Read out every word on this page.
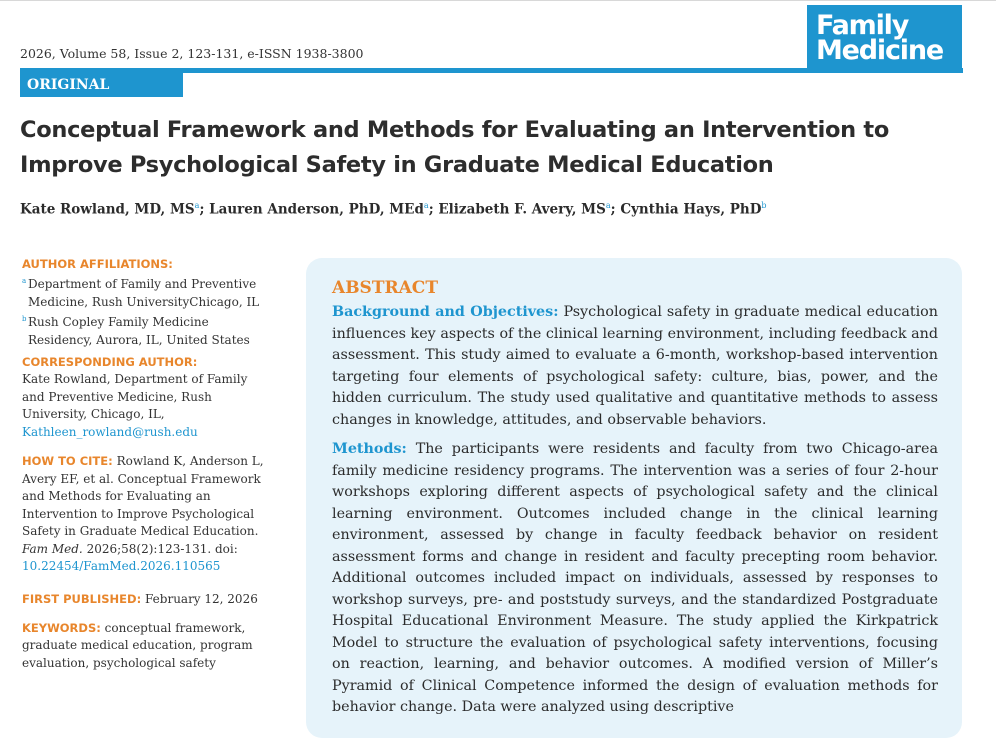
2026, Volume 58, Issue 2, 123-131, e-ISSN 1938-3800
Family
Medicine
ORIGINAL ARTICLE
Conceptual Framework and Methods for Evaluating an Intervention to Improve Psychological Safety in Graduate Medical Education
Kate Rowland, MD, $MS^a$; Lauren Anderson, PhD, MEd$^a$; Elizabeth F. Avery, $MS^a$; Cynthia Hays, PhD$^b$
AUTHOR AFFILIATIONS:
a Department of Family and Preventive Medicine, Rush UniversityChicago, IL
b Rush Copley Family Medicine Residency, Aurora, IL, United States
CORRESPONDING AUTHOR:
Kate Rowland, Department of Family and Preventive Medicine, Rush University, Chicago, IL, Kathleen_rowland@rush.edu
HOW TO CITE: Rowland K, Anderson L, Avery EF, et al. Conceptual Framework and Methods for Evaluating an Intervention to Improve Psychological Safety in Graduate Medical Education. Fam Med. 2026;58(2):123-131. doi: 10.22454/FamMed.2026.110565
FIRST PUBLISHED: February 12, 2026
KEYWORDS: conceptual framework, graduate medical education, program evaluation, psychological safety
ABSTRACT

Background and Objectives: Psychological safety in graduate medical education influences key aspects of the clinical learning environment, including feedback and assessment. This study aimed to evaluate a 6-month, workshop-based intervention targeting four elements of psychological safety: culture, bias, power, and the hidden curriculum. The study used qualitative and quantitative methods to assess changes in knowledge, attitudes, and observable behaviors.

Methods: The participants were residents and faculty from two Chicago-area family medicine residency programs. The intervention was a series of four 2-hour workshops exploring different aspects of psychological safety and the clinical learning environment. Outcomes included change in the clinical learning environment, assessed by change in faculty feedback behavior on resident assessment forms and change in resident and faculty precepting room behavior. Additional outcomes included impact on individuals, assessed by responses to workshop surveys, pre- and poststudy surveys, and the standardized Postgraduate Hospital Educational Environment Measure. The study applied the Kirkpatrick Model to structure the evaluation of psychological safety interventions, focusing on reaction, learning, and behavior outcomes. A modified version of Miller’s Pyramid of Clinical Competence informed the design of evaluation methods for behavior change. Data were analyzed using descriptive
